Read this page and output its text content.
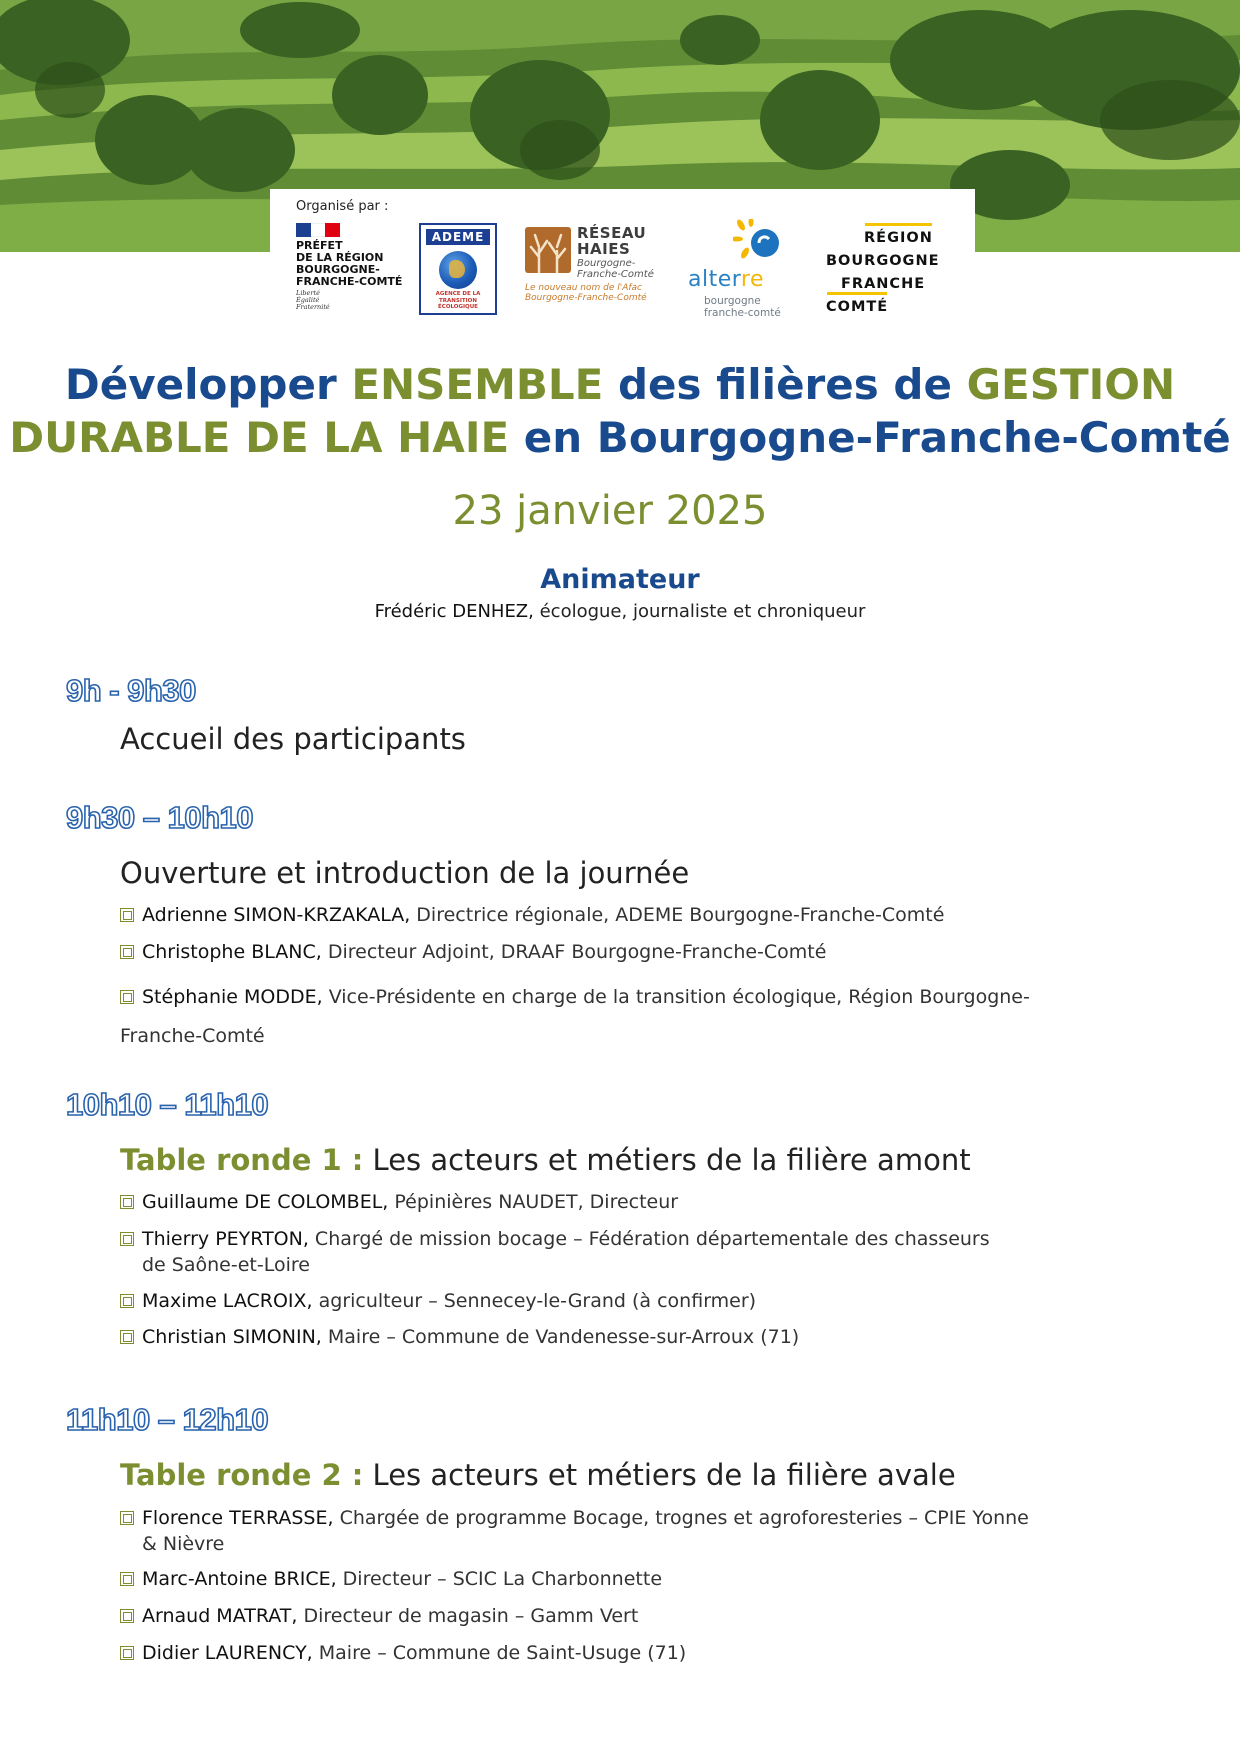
Organisé par :
PRÉFET
DE LA RÉGION
BOURGOGNE-
FRANCHE-COMTÉ
Liberté
Égalité
Fraternité
ADEME
AGENCE DE LA
TRANSITION
ÉCOLOGIQUE
RÉSEAU
HAIES
Bourgogne-
Franche-Comté
Le nouveau nom de l'Afac
Bourgogne-Franche-Comté
alterre
bourgogne
franche-comté
RÉGION
BOURGOGNE
FRANCHE
COMTÉ
Développer ENSEMBLE des filières de GESTION
DURABLE DE LA HAIE en Bourgogne-Franche-Comté
23 janvier 2025
Animateur
Frédéric DENHEZ, écologue, journaliste et chroniqueur
9h - 9h30
Accueil des participants
9h30 – 10h10
Ouverture et introduction de la journée
Adrienne SIMON-KRZAKALA, Directrice régionale, ADEME Bourgogne-Franche-Comté
Christophe BLANC, Directeur Adjoint, DRAAF Bourgogne-Franche-Comté
Stéphanie MODDE, Vice-Présidente en charge de la transition écologique, Région Bourgogne-
Franche-Comté
10h10 – 11h10
Table ronde 1 : Les acteurs et métiers de la filière amont
Guillaume DE COLOMBEL, Pépinières NAUDET, Directeur
Thierry PEYRTON, Chargé de mission bocage – Fédération départementale des chasseurs
de Saône-et-Loire
Maxime LACROIX, agriculteur – Sennecey-le-Grand (à confirmer)
Christian SIMONIN, Maire – Commune de Vandenesse-sur-Arroux (71)
11h10 – 12h10
Table ronde 2 : Les acteurs et métiers de la filière avale
Florence TERRASSE, Chargée de programme Bocage, trognes et agroforesteries – CPIE Yonne
& Nièvre
Marc-Antoine BRICE, Directeur – SCIC La Charbonnette
Arnaud MATRAT, Directeur de magasin – Gamm Vert
Didier LAURENCY, Maire – Commune de Saint-Usuge (71)
